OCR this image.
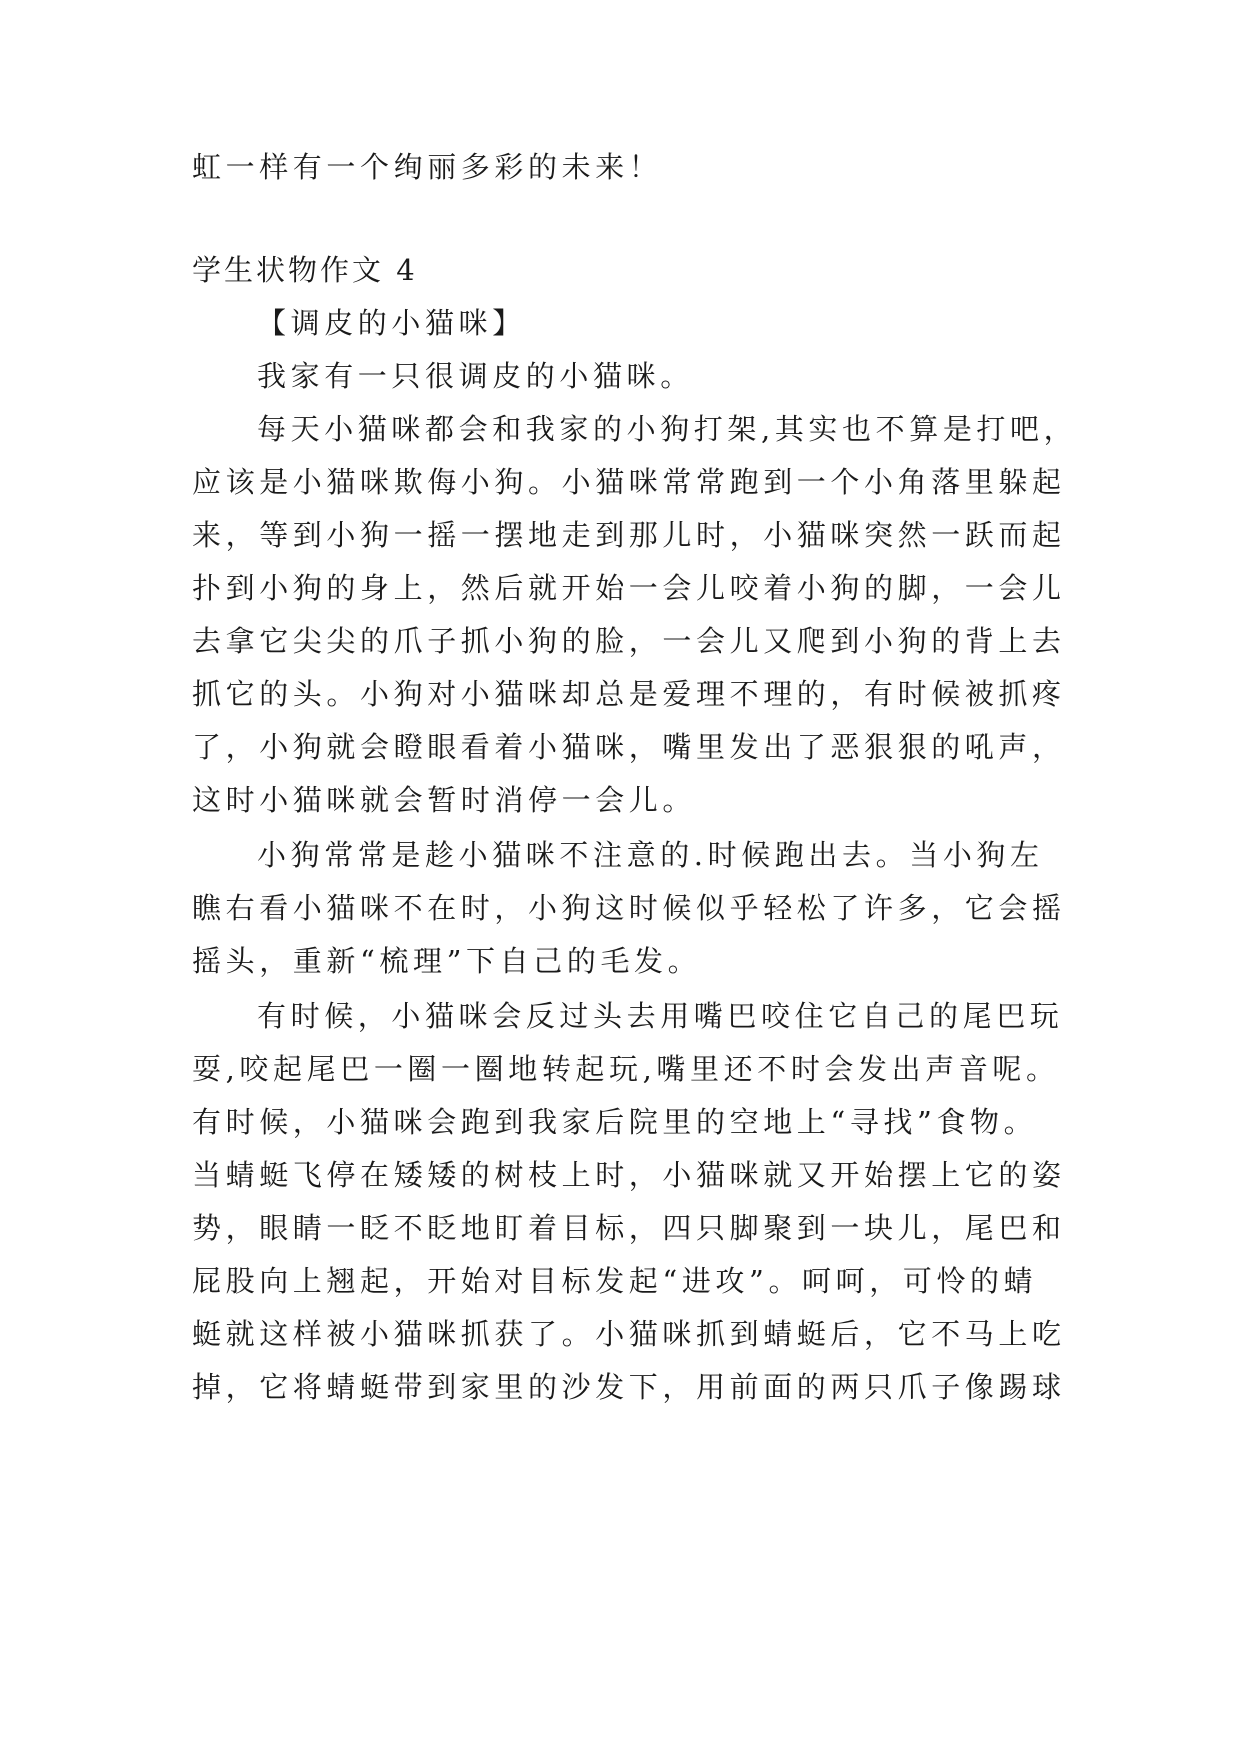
虹一样有一个绚丽多彩的未来！
学生状物作文 4
【调皮的小猫咪】
我家有一只很调皮的小猫咪。
每天小猫咪都会和我家的小狗打架,其实也不算是打吧，
应该是小猫咪欺侮小狗。小猫咪常常跑到一个小角落里躲起
来，等到小狗一摇一摆地走到那儿时，小猫咪突然一跃而起
扑到小狗的身上，然后就开始一会儿咬着小狗的脚，一会儿
去拿它尖尖的爪子抓小狗的脸，一会儿又爬到小狗的背上去
抓它的头。小狗对小猫咪却总是爱理不理的，有时候被抓疼
了，小狗就会瞪眼看着小猫咪，嘴里发出了恶狠狠的吼声，
这时小猫咪就会暂时消停一会儿。
小狗常常是趁小猫咪不注意的.时候跑出去。当小狗左
瞧右看小猫咪不在时，小狗这时候似乎轻松了许多，它会摇
摇头，重新“梳理”下自己的毛发。
有时候，小猫咪会反过头去用嘴巴咬住它自己的尾巴玩
耍,咬起尾巴一圈一圈地转起玩,嘴里还不时会发出声音呢。
有时候，小猫咪会跑到我家后院里的空地上“寻找”食物。
当蜻蜓飞停在矮矮的树枝上时，小猫咪就又开始摆上它的姿
势，眼睛一眨不眨地盯着目标，四只脚聚到一块儿，尾巴和
屁股向上翘起，开始对目标发起“进攻”。呵呵，可怜的蜻
蜓就这样被小猫咪抓获了。小猫咪抓到蜻蜓后，它不马上吃
掉，它将蜻蜓带到家里的沙发下，用前面的两只爪子像踢球
